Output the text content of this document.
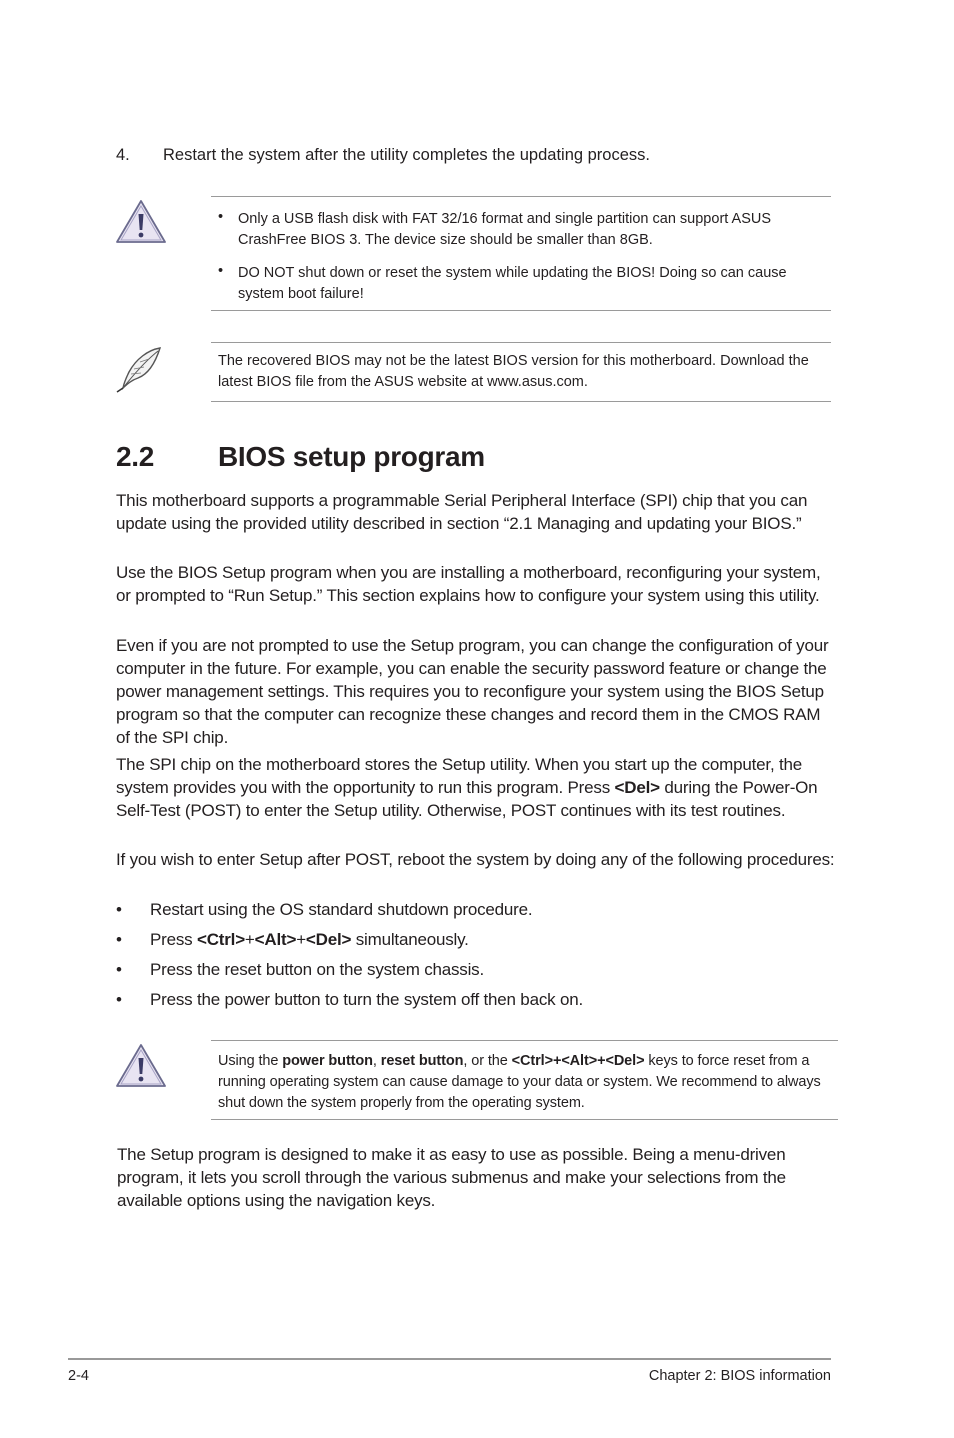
4. Restart the system after the utility completes the updating process.
• Only a USB flash disk with FAT 32/16 format and single partition can support ASUS CrashFree BIOS 3. The device size should be smaller than 8GB.
• DO NOT shut down or reset the system while updating the BIOS! Doing so can cause system boot failure!
The recovered BIOS may not be the latest BIOS version for this motherboard. Download the latest BIOS file from the ASUS website at www.asus.com.
2.2 BIOS setup program
This motherboard supports a programmable Serial Peripheral Interface (SPI) chip that you can update using the provided utility described in section “2.1 Managing and updating your BIOS.”
Use the BIOS Setup program when you are installing a motherboard, reconfiguring your system, or prompted to “Run Setup.” This section explains how to configure your system using this utility.
Even if you are not prompted to use the Setup program, you can change the configuration of your computer in the future. For example, you can enable the security password feature or change the power management settings. This requires you to reconfigure your system using the BIOS Setup program so that the computer can recognize these changes and record them in the CMOS RAM of the SPI chip.
The SPI chip on the motherboard stores the Setup utility. When you start up the computer, the system provides you with the opportunity to run this program. Press <Del> during the Power-On Self-Test (POST) to enter the Setup utility. Otherwise, POST continues with its test routines.
If you wish to enter Setup after POST, reboot the system by doing any of the following procedures:
• Restart using the OS standard shutdown procedure.
• Press <Ctrl>+<Alt>+<Del> simultaneously.
• Press the reset button on the system chassis.
• Press the power button to turn the system off then back on.
Using the power button, reset button, or the <Ctrl>+<Alt>+<Del> keys to force reset from a running operating system can cause damage to your data or system. We recommend to always shut down the system properly from the operating system.
The Setup program is designed to make it as easy to use as possible. Being a menu-driven program, it lets you scroll through the various submenus and make your selections from the available options using the navigation keys.
2-4	Chapter 2: BIOS information
